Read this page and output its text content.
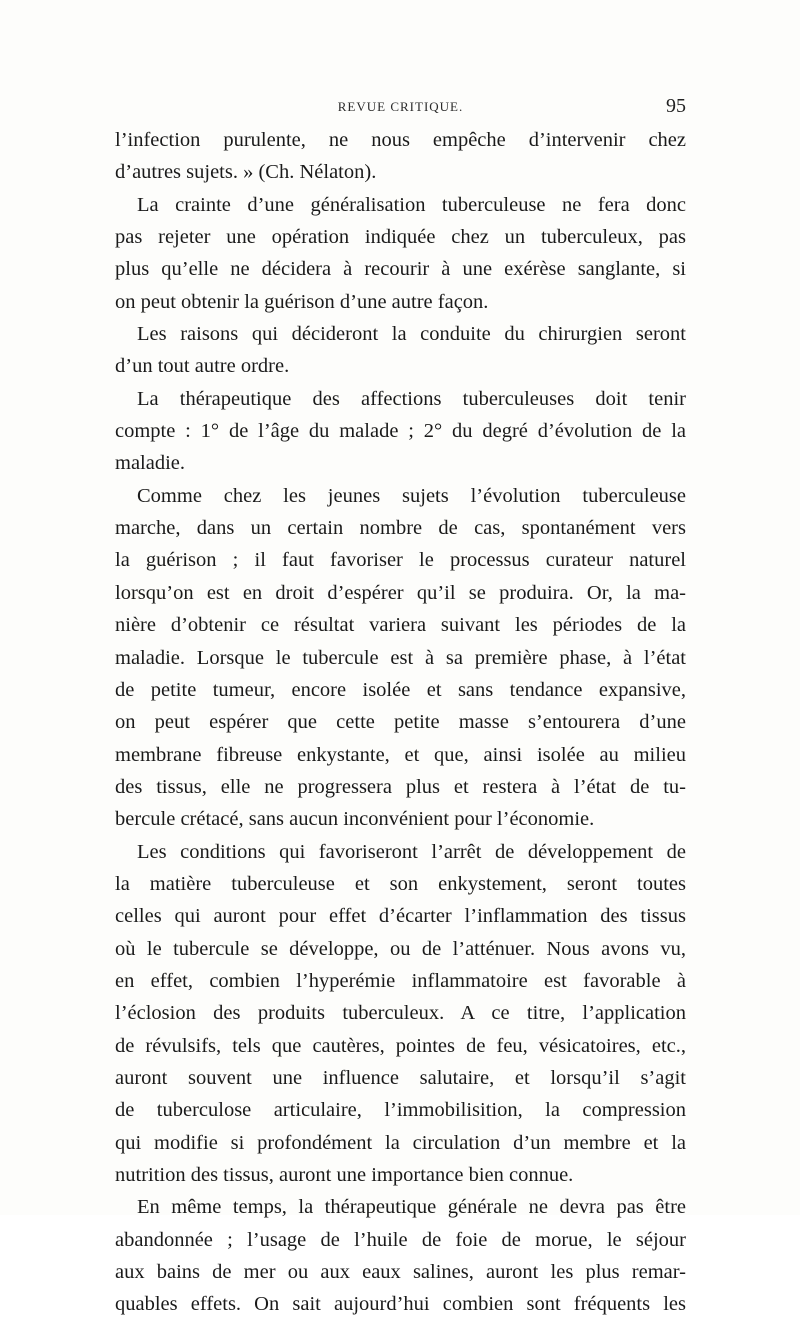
REVUE CRITIQUE.	95
l’infection purulente, ne nous empêche d’intervenir chez
d’autres sujets. » (Ch. Nélaton).
La crainte d’une généralisation tuberculeuse ne fera donc
pas rejeter une opération indiquée chez un tuberculeux, pas
plus qu’elle ne décidera à recourir à une exérèse sanglante, si
on peut obtenir la guérison d’une autre façon.
Les raisons qui décideront la conduite du chirurgien seront
d’un tout autre ordre.
La thérapeutique des affections tuberculeuses doit tenir
compte : 1° de l’âge du malade ; 2° du degré d’évolution de la
maladie.
Comme chez les jeunes sujets l’évolution tuberculeuse
marche, dans un certain nombre de cas, spontanément vers
la guérison ; il faut favoriser le processus curateur naturel
lorsqu’on est en droit d’espérer qu’il se produira. Or, la ma-
nière d’obtenir ce résultat variera suivant les périodes de la
maladie. Lorsque le tubercule est à sa première phase, à l’état
de petite tumeur, encore isolée et sans tendance expansive,
on peut espérer que cette petite masse s’entourera d’une
membrane fibreuse enkystante, et que, ainsi isolée au milieu
des tissus, elle ne progressera plus et restera à l’état de tu-
bercule crétacé, sans aucun inconvénient pour l’économie.
Les conditions qui favoriseront l’arrêt de développement de
la matière tuberculeuse et son enkystement, seront toutes
celles qui auront pour effet d’écarter l’inflammation des tissus
où le tubercule se développe, ou de l’atténuer. Nous avons vu,
en effet, combien l’hyperémie inflammatoire est favorable à
l’éclosion des produits tuberculeux. A ce titre, l’application
de révulsifs, tels que cautères, pointes de feu, vésicatoires, etc.,
auront souvent une influence salutaire, et lorsqu’il s’agit
de tuberculose articulaire, l’immobilisition, la compression
qui modifie si profondément la circulation d’un membre et la
nutrition des tissus, auront une importance bien connue.
En même temps, la thérapeutique générale ne devra pas être
abandonnée ; l’usage de l’huile de foie de morue, le séjour
aux bains de mer ou aux eaux salines, auront les plus remar-
quables effets. On sait aujourd’hui combien sont fréquents les
